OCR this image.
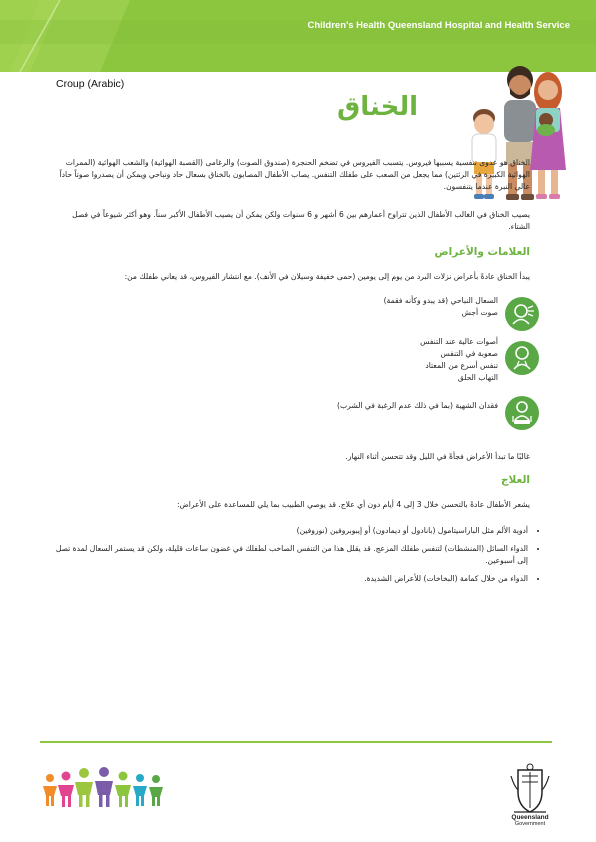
Children's Health Queensland Hospital and Health Service
Croup (Arabic)
الخناق
الخناق هو عدوى تنفسية يسببها فيروس. يتسبب الفيروس في تضخم الحنجرة (صندوق الصوت) والرغامى (القصبة الهوائية) والشعب الهوائية (الممرات الهوائية الكبيرة في الرئتين) مما يجعل من الصعب على طفلك التنفس. يصاب الأطفال المصابون بالخناق بسعال حاد ونباحي ويمكن أن يصدروا صوتاً حاداً عالي النبرة عندما يتنفسون.
يصيب الخناق في الغالب الأطفال الذين تتراوح أعمارهم بين 6 أشهر و 6 سنوات ولكن يمكن أن يصيب الأطفال الأكبر سناً. وهو أكثر شيوعاً في فصل الشتاء.
العلامات والأعراض
يبدأ الخناق عادةً بأعراض نزلات البرد من يوم إلى يومين (حمى خفيفة وسيلان في الأنف). مع انتشار الفيروس، قد يعاني طفلك من:
السعال النباحي (قد يبدو وكأنه فقمة)
صوت أجش
أصوات عالية عند التنفس
صعوبة في التنفس
تنفس أسرع من المعتاد
التهاب الحلق
فقدان الشهية (بما في ذلك عدم الرغبة في الشرب)
غالبًا ما تبدأ الأعراض فجأةً في الليل وقد تتحسن أثناء النهار.
العلاج
يشعر الأطفال عادةً بالتحسن خلال 3 إلى 4 أيام دون أي علاج. قد يوصي الطبيب بما يلي للمساعدة على الأعراض:
• أدوية الألم مثل الباراسيتامول (بانادول أو ديمادون) أو إيبوبروفين (نوروفين)
• الدواء السائل (المنشطات) لتنفس طفلك المزعج. قد يقلل هذا من التنفس الصاخب لطفلك في غضون ساعات قليلة، ولكن قد يستمر السعال لمدة تصل إلى أسبوعين.
• الدواء من خلال كمامة (البخاخات) للأعراض الشديدة.
Queensland
Government
